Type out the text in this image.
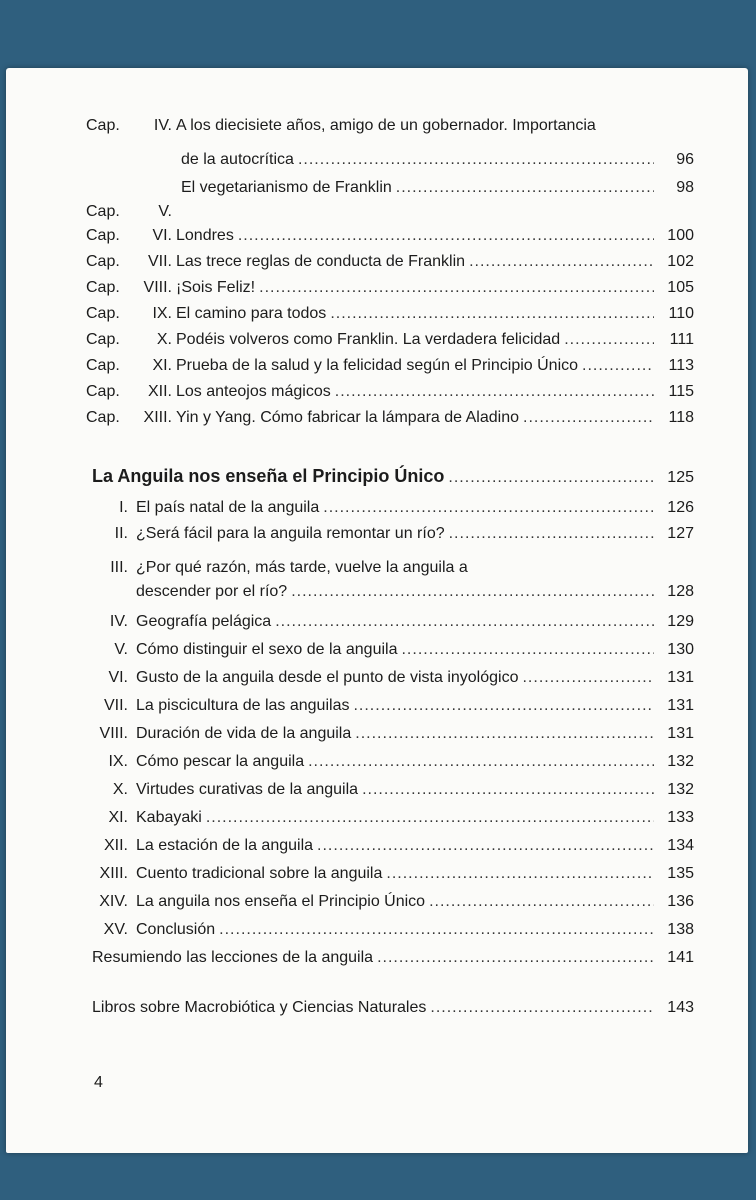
Cap.	IV. A los diecisiete años, amigo de un gobernador. Importancia
de la autocrítica .....	96
El vegetarianismo de Franklin .....	98
Cap.	V.
Cap.	VI. Londres .....	100
Cap.	VII. Las trece reglas de conducta de Franklin .....	102
Cap.	VIII. ¡Sois Feliz! .....	105
Cap.	IX. El camino para todos .....	110
Cap.	X. Podéis volveros como Franklin. La verdadera felicidad .....	111
Cap.	XI. Prueba de la salud y la felicidad según el Principio Único .....	113
Cap.	XII. Los anteojos mágicos .....	115
Cap.	XIII. Yin y Yang. Cómo fabricar la lámpara de Aladino .....	118
La Anguila nos enseña el Principio Único .....	125
I. El país natal de la anguila .....	126
II. ¿Será fácil para la anguila remontar un río? .....	127
III. ¿Por qué razón, más tarde, vuelve la anguila a
descender por el río? .....	128
IV. Geografía pelágica .....	129
V. Cómo distinguir el sexo de la anguila .....	130
VI. Gusto de la anguila desde el punto de vista inyológico .....	131
VII. La piscicultura de las anguilas .....	131
VIII. Duración de vida de la anguila .....	131
IX. Cómo pescar la anguila .....	132
X. Virtudes curativas de la anguila .....	132
XI. Kabayaki .....	133
XII. La estación de la anguila .....	134
XIII. Cuento tradicional sobre la anguila .....	135
XIV. La anguila nos enseña el Principio Único .....	136
XV. Conclusión .....	138
Resumiendo las lecciones de la anguila .....	141
Libros sobre Macrobiótica y Ciencias Naturales .....	143
4
